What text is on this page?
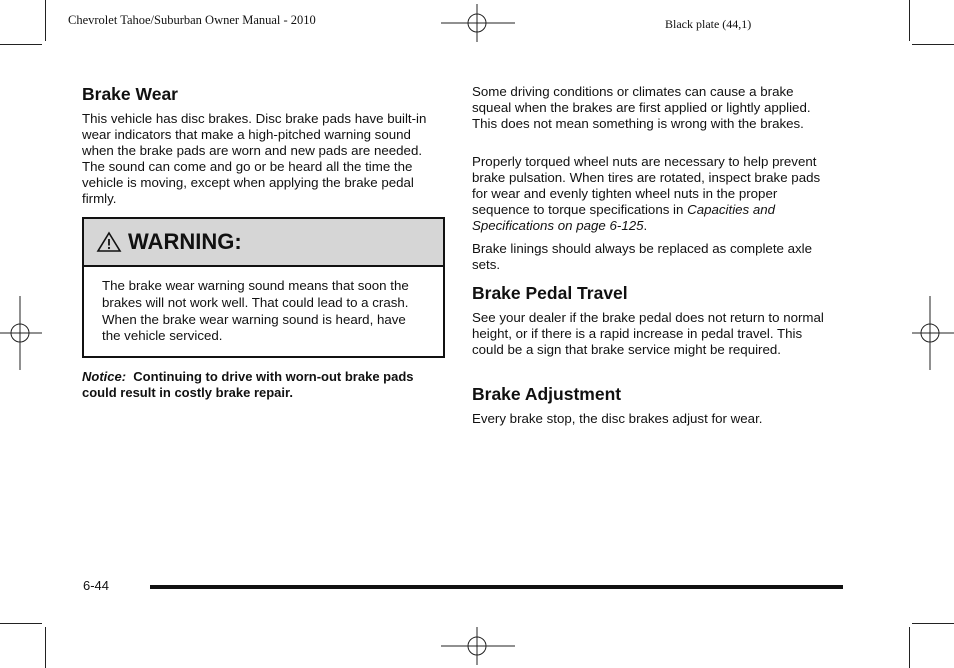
Chevrolet Tahoe/Suburban Owner Manual - 2010	Black plate (44,1)
Brake Wear

This vehicle has disc brakes. Disc brake pads have built-in wear indicators that make a high-pitched warning sound when the brake pads are worn and new pads are needed. The sound can come and go or be heard all the time the vehicle is moving, except when applying the brake pedal firmly.

WARNING:
The brake wear warning sound means that soon the brakes will not work well. That could lead to a crash. When the brake wear warning sound is heard, have the vehicle serviced.
Notice: Continuing to drive with worn-out brake pads could result in costly brake repair.

Some driving conditions or climates can cause a brake squeal when the brakes are first applied or lightly applied. This does not mean something is wrong with the brakes.

Properly torqued wheel nuts are necessary to help prevent brake pulsation. When tires are rotated, inspect brake pads for wear and evenly tighten wheel nuts in the proper sequence to torque specifications in Capacities and Specifications on page 6-125.

Brake linings should always be replaced as complete axle sets.

Brake Pedal Travel

See your dealer if the brake pedal does not return to normal height, or if there is a rapid increase in pedal travel. This could be a sign that brake service might be required.

Brake Adjustment

Every brake stop, the disc brakes adjust for wear.

6-44
